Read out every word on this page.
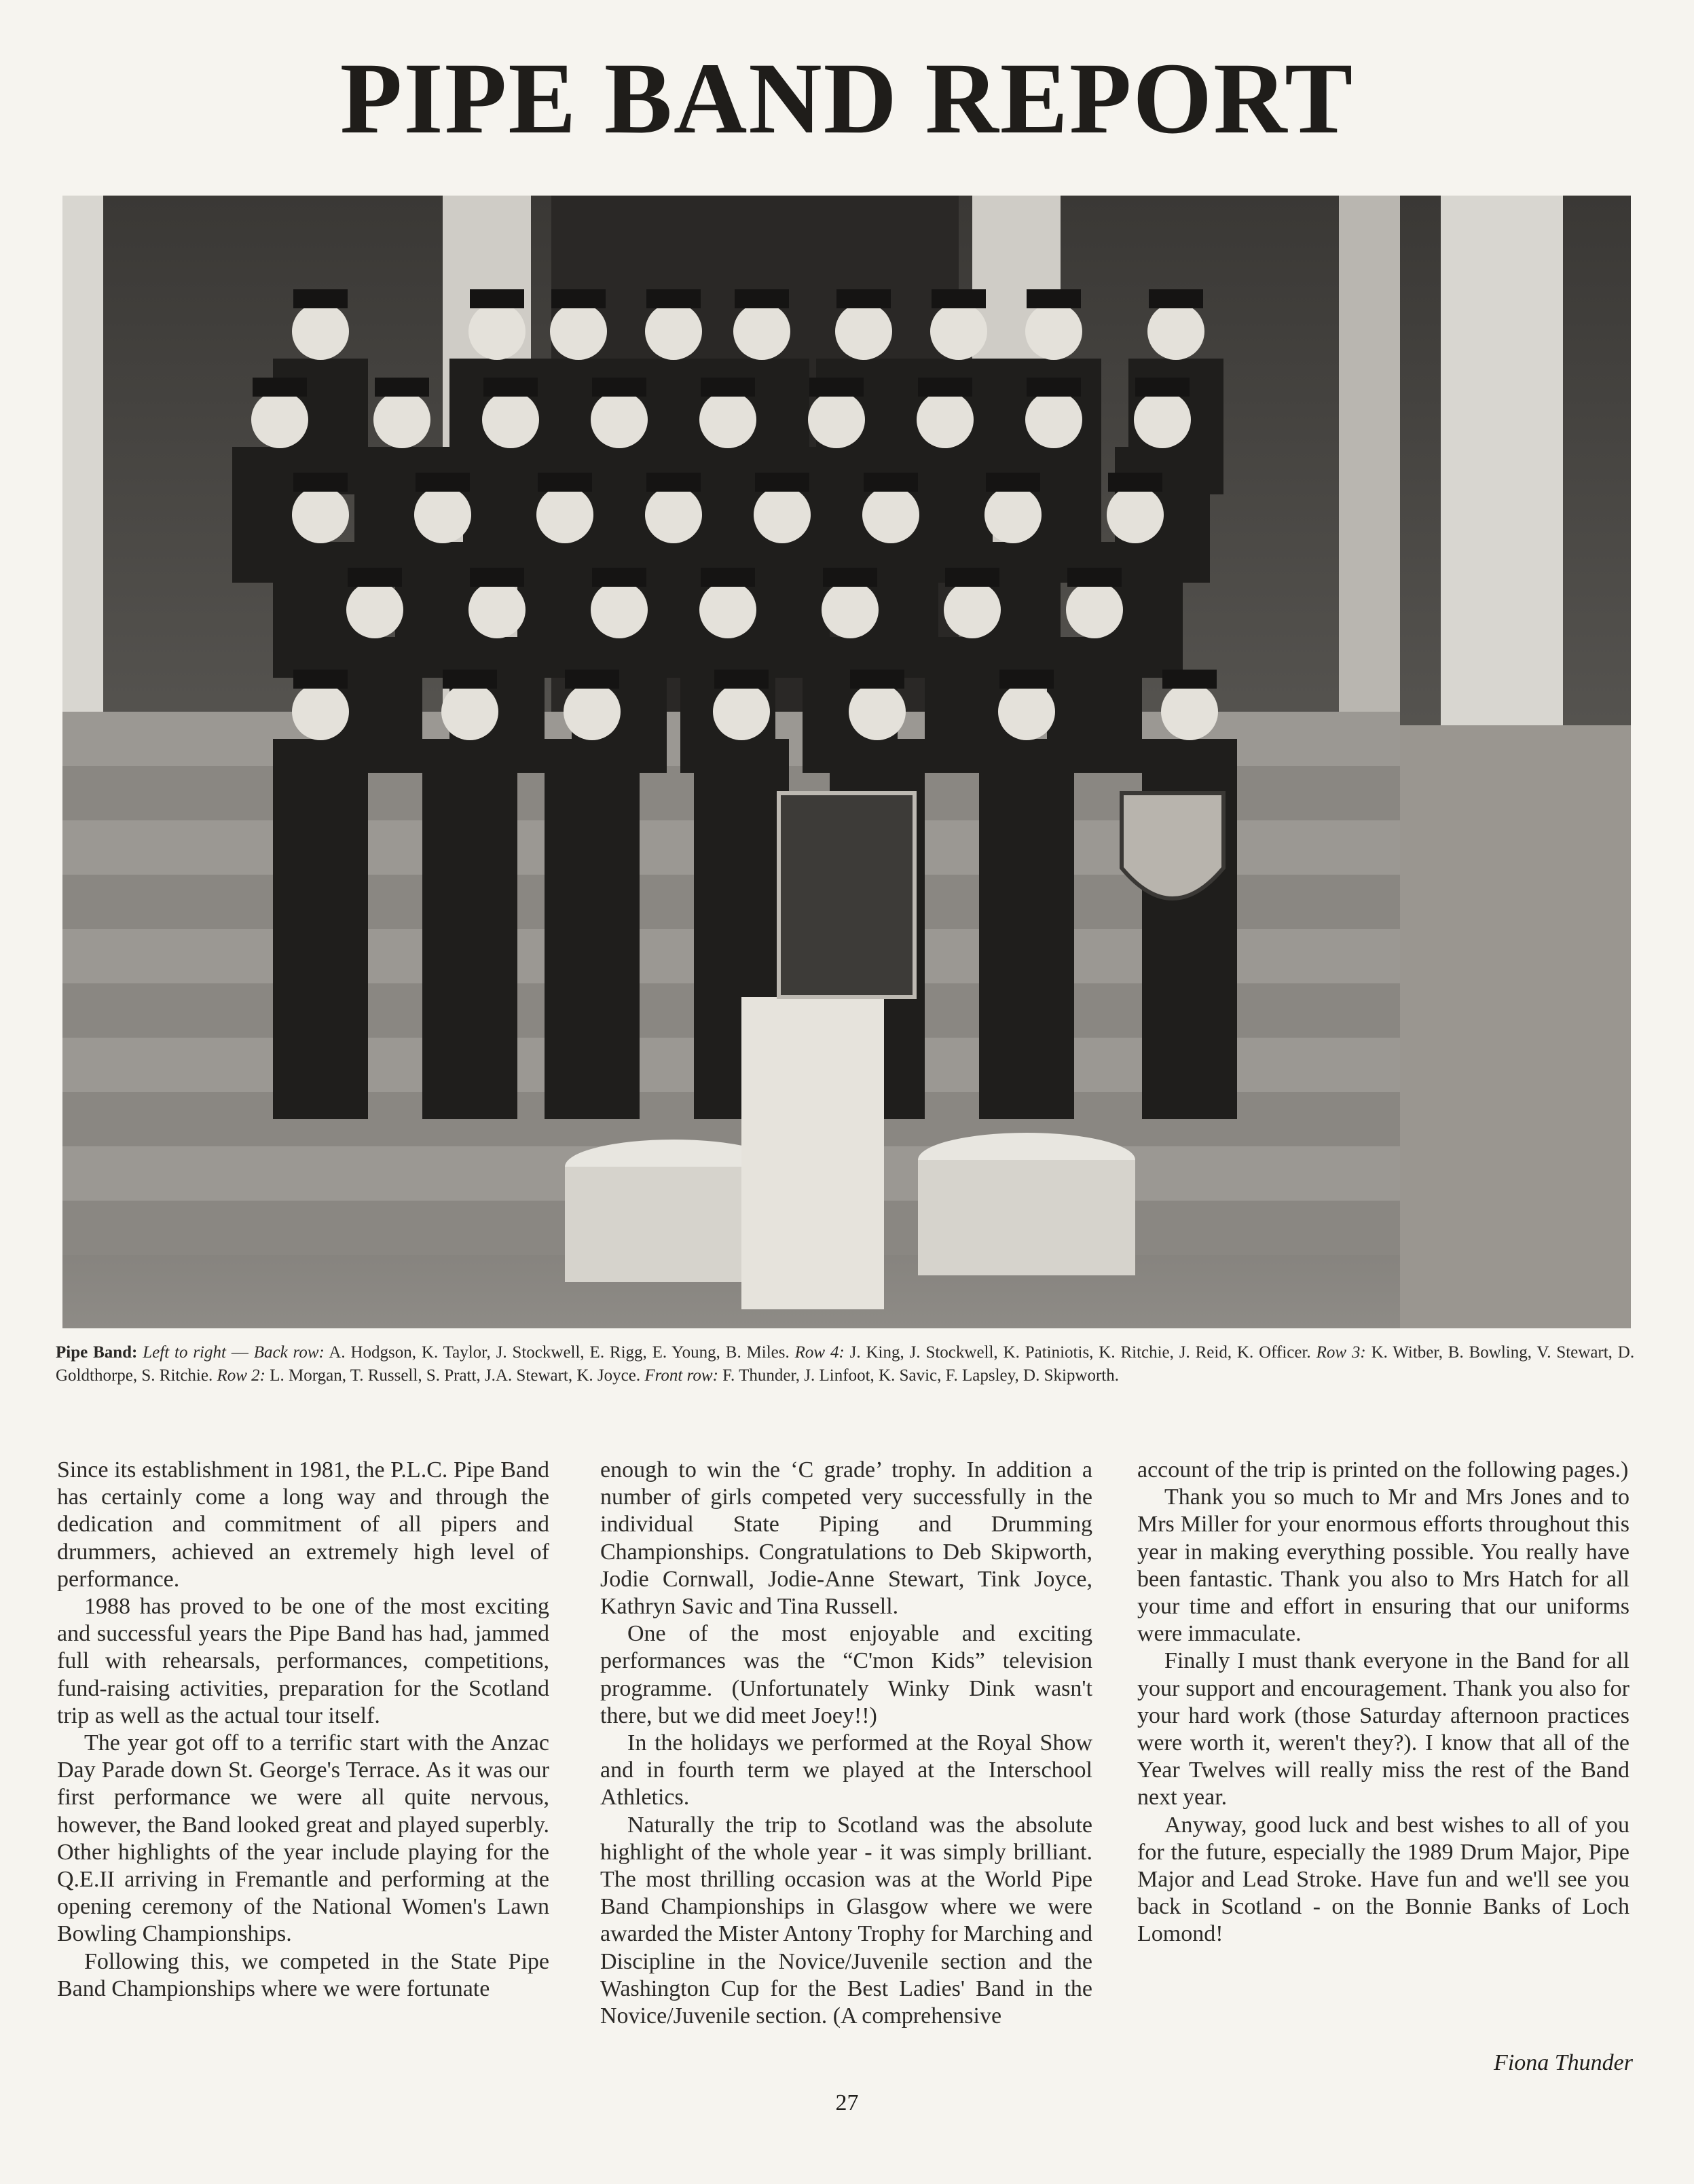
PIPE BAND REPORT
Pipe Band: Left to right — Back row: A. Hodgson, K. Taylor, J. Stockwell, E. Rigg, E. Young, B. Miles. Row 4: J. King, J. Stockwell, K. Patiniotis, K. Ritchie, J. Reid, K. Officer. Row 3: K. Witber, B. Bowling, V. Stewart, D. Goldthorpe, S. Ritchie. Row 2: L. Morgan, T. Russell, S. Pratt, J.A. Stewart, K. Joyce. Front row: F. Thunder, J. Linfoot, K. Savic, F. Lapsley, D. Skipworth.

Since its establishment in 1981, the P.L.C. Pipe Band has certainly come a long way and through the dedication and commitment of all pipers and drummers, achieved an extremely high level of performance.

1988 has proved to be one of the most exciting and successful years the Pipe Band has had, jammed full with rehearsals, performances, competitions, fund-raising activities, preparation for the Scotland trip as well as the actual tour itself.

The year got off to a terrific start with the Anzac Day Parade down St. George's Terrace. As it was our first performance we were all quite nervous, however, the Band looked great and played superbly. Other highlights of the year include playing for the Q.E.II arriving in Fremantle and performing at the opening ceremony of the National Women's Lawn Bowling Championships.

Following this, we competed in the State Pipe Band Championships where we were fortunate

enough to win the ‘C grade’ trophy. In addition a number of girls competed very successfully in the individual State Piping and Drumming Championships. Congratulations to Deb Skipworth, Jodie Cornwall, Jodie-Anne Stewart, Tink Joyce, Kathryn Savic and Tina Russell.

One of the most enjoyable and exciting performances was the “C'mon Kids” television programme. (Unfortunately Winky Dink wasn't there, but we did meet Joey!!)

In the holidays we performed at the Royal Show and in fourth term we played at the Interschool Athletics.

Naturally the trip to Scotland was the absolute highlight of the whole year - it was simply brilliant. The most thrilling occasion was at the World Pipe Band Championships in Glasgow where we were awarded the Mister Antony Trophy for Marching and Discipline in the Novice/Juvenile section and the Washington Cup for the Best Ladies' Band in the Novice/Juvenile section. (A comprehensive

account of the trip is printed on the following pages.)

Thank you so much to Mr and Mrs Jones and to Mrs Miller for your enormous efforts throughout this year in making everything possible. You really have been fantastic. Thank you also to Mrs Hatch for all your time and effort in ensuring that our uniforms were immaculate.

Finally I must thank everyone in the Band for all your support and encouragement. Thank you also for your hard work (those Saturday afternoon practices were worth it, weren't they?). I know that all of the Year Twelves will really miss the rest of the Band next year.

Anyway, good luck and best wishes to all of you for the future, especially the 1989 Drum Major, Pipe Major and Lead Stroke. Have fun and we'll see you back in Scotland - on the Bonnie Banks of Loch Lomond!

Fiona Thunder
27
